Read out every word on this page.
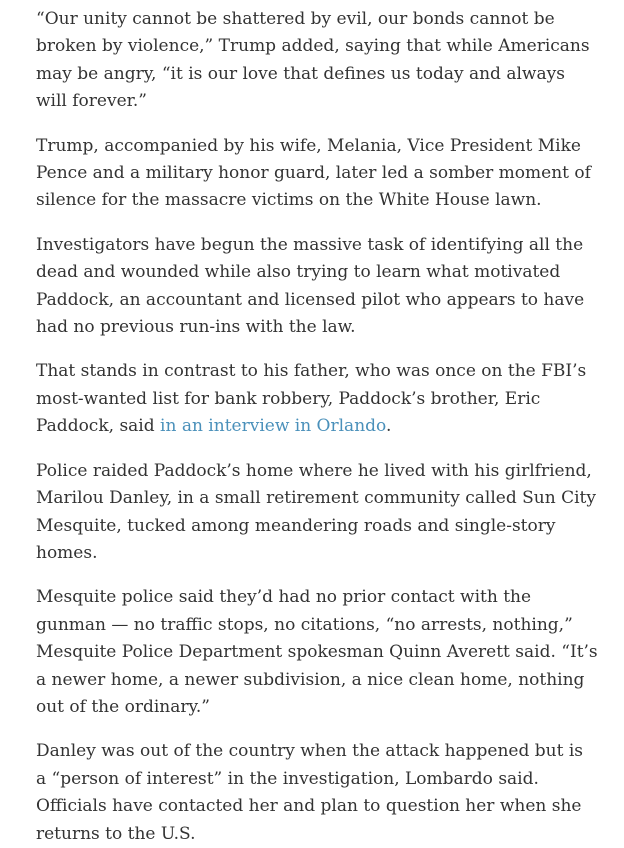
“Our unity cannot be shattered by evil, our bonds cannot be broken by violence,” Trump added, saying that while Americans may be angry, “it is our love that defines us today and always will forever.”

Trump, accompanied by his wife, Melania, Vice President Mike Pence and a military honor guard, later led a somber moment of silence for the massacre victims on the White House lawn.

Investigators have begun the massive task of identifying all the dead and wounded while also trying to learn what motivated Paddock, an accountant and licensed pilot who appears to have had no previous run-ins with the law.

That stands in contrast to his father, who was once on the FBI’s most-wanted list for bank robbery, Paddock’s brother, Eric Paddock, said in an interview in Orlando.

Police raided Paddock’s home where he lived with his girlfriend, Marilou Danley, in a small retirement community called Sun City Mesquite, tucked among meandering roads and single-story homes.

Mesquite police said they’d had no prior contact with the gunman — no traffic stops, no citations, “no arrests, nothing,” Mesquite Police Department spokesman Quinn Averett said. “It’s a newer home, a newer subdivision, a nice clean home, nothing out of the ordinary.”

Danley was out of the country when the attack happened but is a “person of interest” in the investigation, Lombardo said. Officials have contacted her and plan to question her when she returns to the U.S.
